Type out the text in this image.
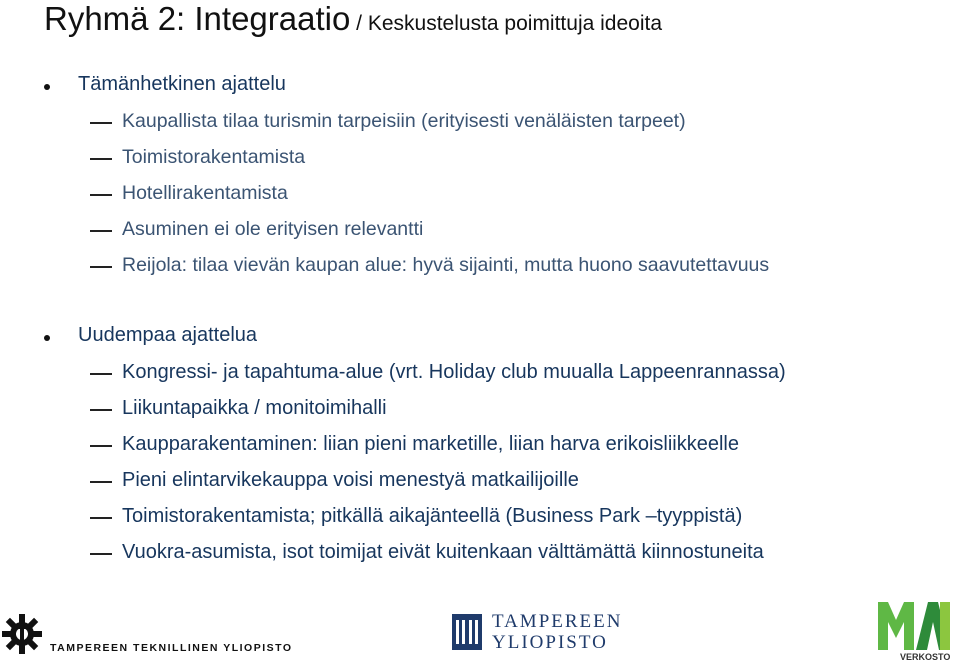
Ryhmä 2: Integraatio / Keskustelusta poimittuja ideoita
Tämänhetkinen ajattelu
Kaupallista tilaa turismin tarpeisiin (erityisesti venäläisten tarpeet)
Toimistorakentamista
Hotellirakentamista
Asuminen ei ole erityisen relevantti
Reijola: tilaa vievän kaupan alue: hyvä sijainti, mutta huono saavutettavuus
Uudempaa ajattelua
Kongressi- ja tapahtuma-alue (vrt. Holiday club muualla Lappeenrannassa)
Liikuntapaikka / monitoimihalli
Kaupparakentaminen: liian pieni marketille, liian harva erikoisliikkeelle
Pieni elintarvikekauppa voisi menestyä matkailijoille
Toimistorakentamista; pitkällä aikajänteellä (Business Park –tyyppistä)
Vuokra-asumista, isot toimijat eivät kuitenkaan välttämättä kiinnostuneita
TAMPEREEN TEKNILLINEN YLIOPISTO
TAMPEREEN
YLIOPISTO
VERKOSTO
